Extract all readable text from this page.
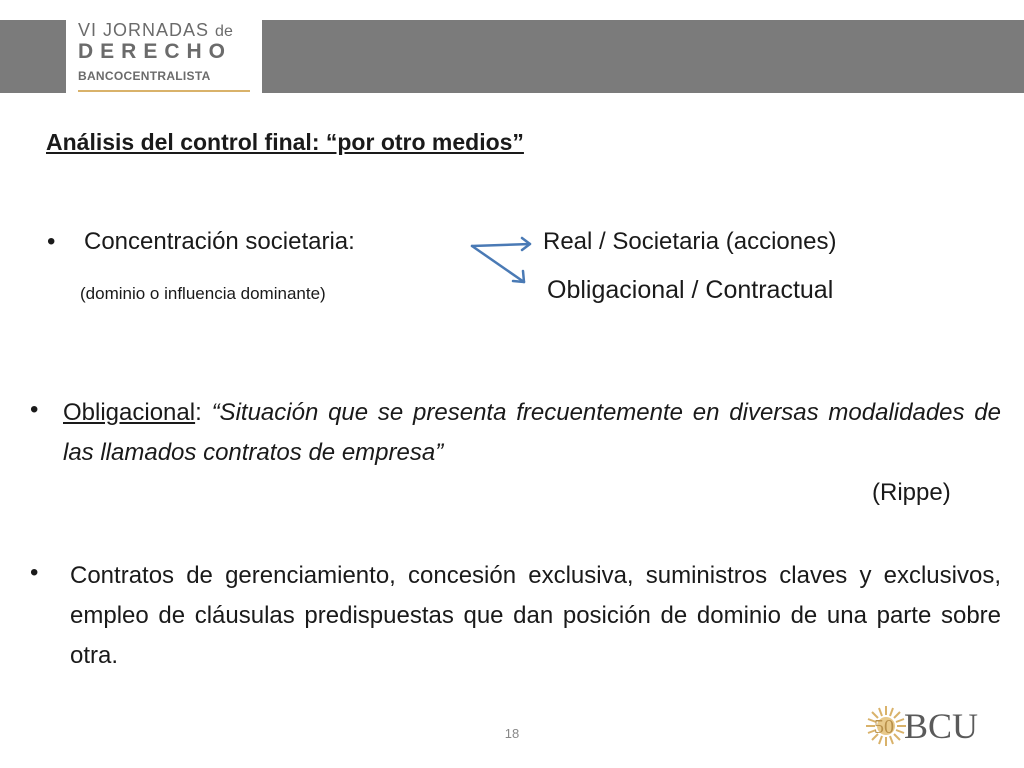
VI JORNADAS de
DERECHO
BANCOCENTRALISTA
Análisis del control final: “por otro medios”
• Concentración societaria:
(dominio o influencia dominante)
Real / Societaria (acciones)
Obligacional / Contractual
• Obligacional: “Situación que se presenta frecuentemente en diversas modalidades de las llamados contratos de empresa”
(Rippe)
• Contratos de gerenciamiento, concesión exclusiva, suministros claves y exclusivos, empleo de cláusulas predispuestas que dan posición de dominio de una parte sobre otra.
18	50 BCU
